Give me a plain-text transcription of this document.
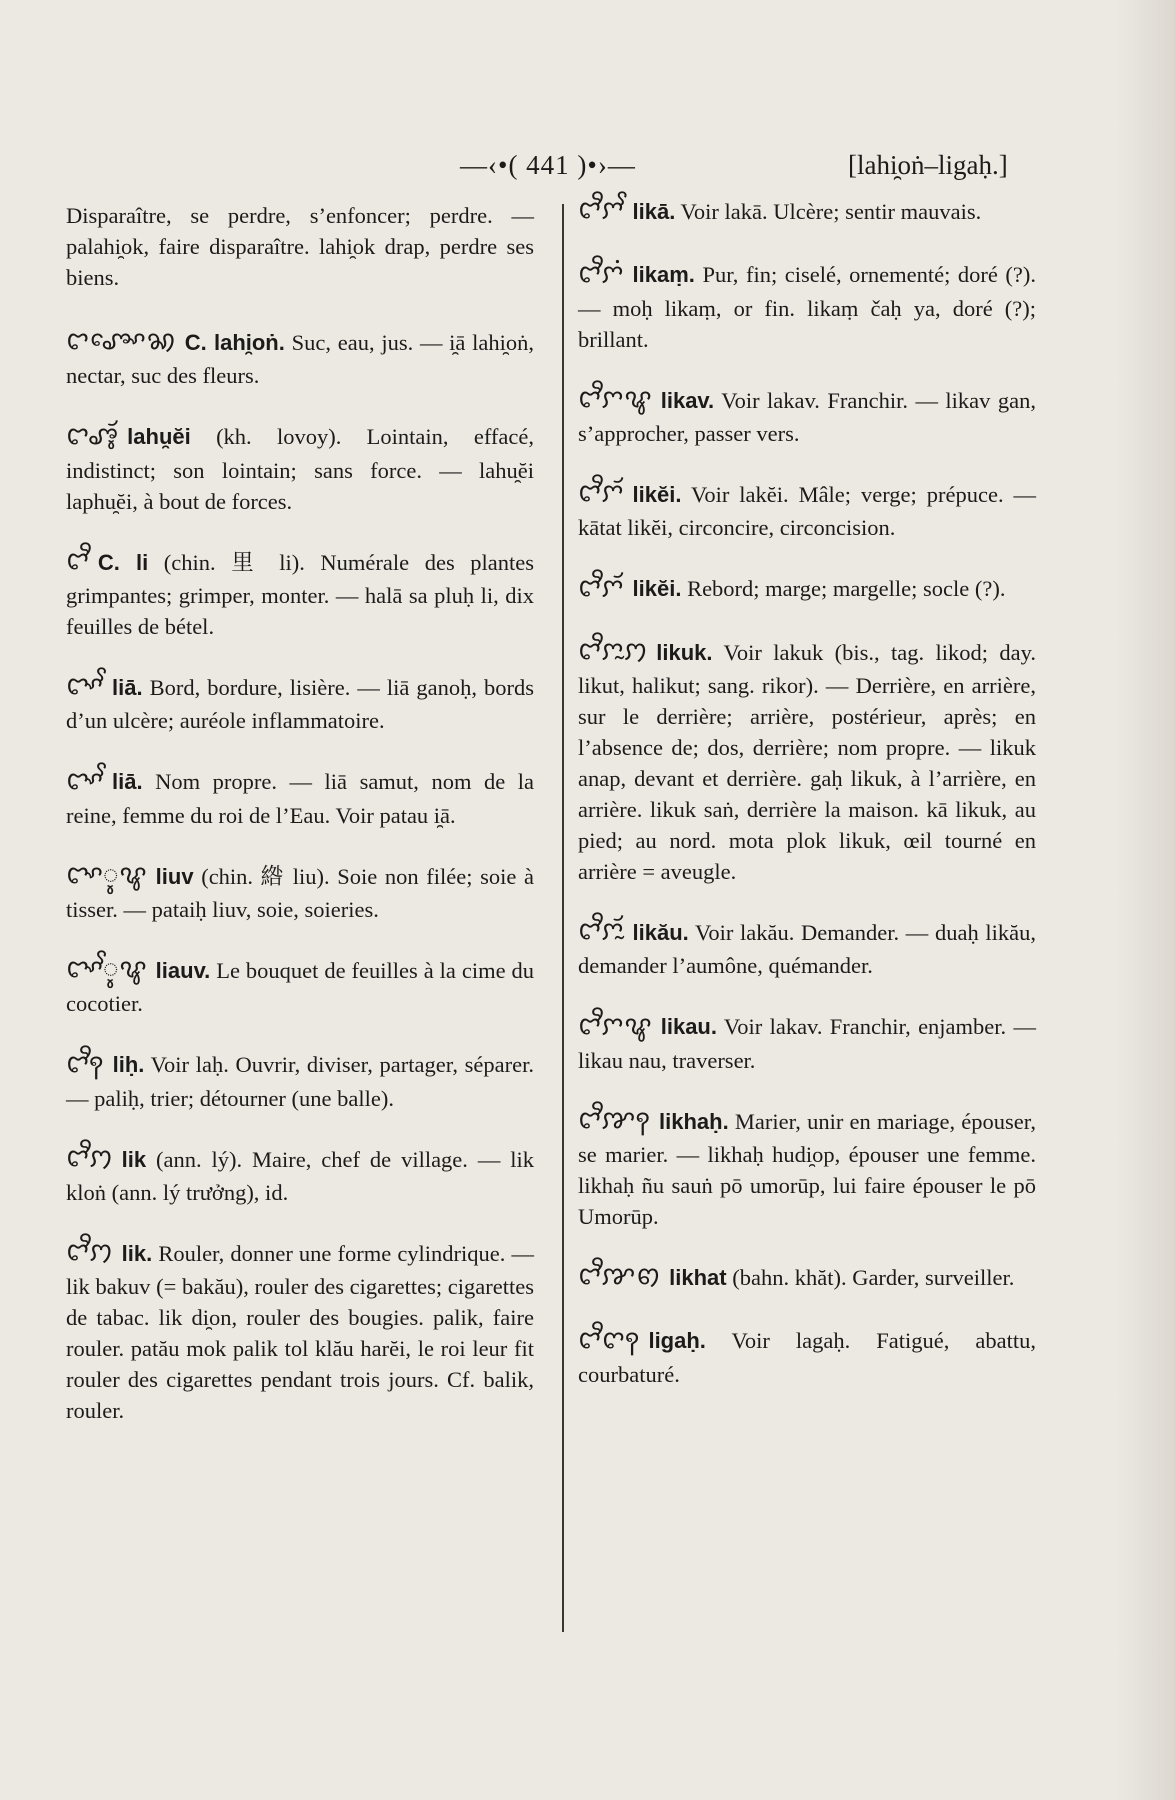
—‹•( 441 )•›—	[lahi̯oṅ–ligaḥ.]

Disparaître, se perdre, s’enfoncer; perdre. — palahi̯ok, faire disparaître. lahi̯ok drap, perdre ses biens.

ꨤꨨꨳꨯꩆ C. lahi̯oṅ. Suc, eau, jus. — i̯ā lahi̯oṅ, nectar, suc des fleurs.

ꨤꨨꨶꨮ lahu̯ĕi (kh. lovoy). Lointain, effacé, indistinct; son lointain; sans force. — lahu̯ĕi laphu̯ĕi, à bout de forces.

ꨤꨪ C. li (chin. 里 li). Numérale des plantes grimpantes; grimper, monter. — halā sa pluḥ li, dix feuilles de bétel.

ꨤꨳꨩ liā. Bord, bordure, lisière. — liā ganoḥ, bords d’un ulcère; auréole inflammatoire.

ꨤꨳꨩ liā. Nom propre. — liā samut, nom de la reine, femme du roi de l’Eau. Voir patau i̯ā.

ꨤꨳꨶꨥ liuv (chin. 綹 liu). Soie non filée; soie à tisser. — pataiḥ liuv, soie, soieries.

ꨤꨳꨩꨶꨥ liauv. Le bouquet de feuilles à la cime du cocotier.

ꨤꨪꩍ liḥ. Voir laḥ. Ouvrir, diviser, partager, séparer. — paliḥ, trier; détourner (une balle).

ꨤꨪꩀ lik (ann. lý). Maire, chef de village. — lik kloṅ (ann. lý trưởng), id.

ꨤꨪꩀ lik. Rouler, donner une forme cylindrique. — lik bakuv (= bakău), rouler des cigarettes; cigarettes de tabac. lik di̯on, rouler des bougies. palik, faire rouler. patău mok palik tol klău harĕi, le roi leur fit rouler des cigarettes pendant trois jours. Cf. balik, rouler.

ꨤꨪꨆꨩ likā. Voir lakā. Ulcère; sentir mauvais.

ꨤꨪꨆꩌ likaṃ. Pur, fin; ciselé, ornementé; doré (?). — moḥ likaṃ, or fin. likaṃ čaḥ ya, doré (?); brillant.

ꨤꨪꨆꨥ likav. Voir lakav. Franchir. — likav gan, s’approcher, passer vers.

ꨤꨪꨆꨮ likĕi. Voir lakĕi. Mâle; verge; prépuce. — kātat likĕi, circoncire, circoncision.

ꨤꨪꨆꨮ likĕi. Rebord; marge; margelle; socle (?).

ꨤꨪꨆꨭꩀ likuk. Voir lakuk (bis., tag. likod; day. likut, halikut; sang. rikor). — Derrière, en arrière, sur le derrière; arrière, postérieur, après; en l’absence de; dos, derrière; nom propre. — likuk anap, devant et derrière. gaḥ likuk, à l’arrière, en arrière. likuk saṅ, derrière la maison. kā likuk, au pied; au nord. mota plok likuk, œil tourné en arrière = aveugle.

ꨤꨪꨆꨮꨭ likău. Voir lakău. Demander. — duaḥ likău, demander l’aumône, quémander.

ꨤꨪꨆꨥ likau. Voir lakav. Franchir, enjamber. — likau nau, traverser.

ꨤꨪꨇꩍ likhaḥ. Marier, unir en mariage, épouser, se marier. — likhaḥ hudi̯op, épouser une femme. likhaḥ ñu sauṅ pō umorūp, lui faire épouser le pō Umorūp.

ꨤꨪꨇꩅ likhat (bahn. khăt). Garder, surveiller.

ꨤꨪꨈꩍ ligaḥ. Voir lagaḥ. Fatigué, abattu, courbaturé.
